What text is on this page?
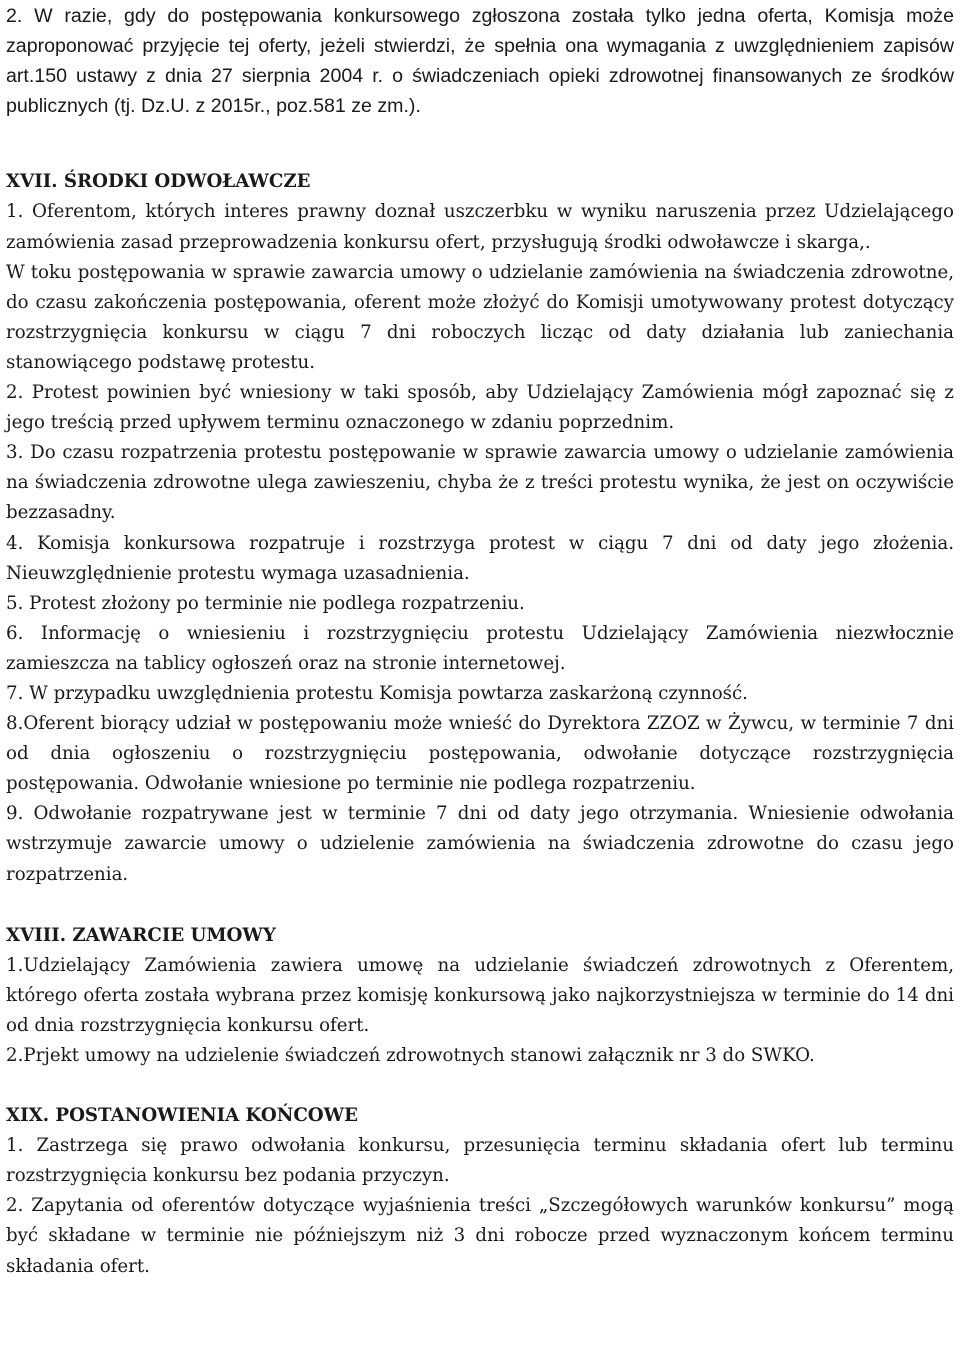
2. W razie, gdy do postępowania konkursowego zgłoszona została tylko jedna oferta, Komisja może zaproponować przyjęcie tej oferty, jeżeli stwierdzi, że spełnia ona wymagania z uwzględnieniem zapisów art.150 ustawy z dnia 27 sierpnia 2004 r. o świadczeniach opieki zdrowotnej finansowanych ze środków publicznych (tj. Dz.U. z 2015r., poz.581 ze zm.).

XVII. ŚRODKI ODWOŁAWCZE

1. Oferentom, których interes prawny doznał uszczerbku w wyniku naruszenia przez Udzielającego zamówienia zasad przeprowadzenia konkursu ofert, przysługują środki odwoławcze i skarga,.

W toku postępowania w sprawie zawarcia umowy o udzielanie zamówienia na świadczenia zdrowotne, do czasu zakończenia postępowania, oferent może złożyć do Komisji umotywowany protest dotyczący rozstrzygnięcia konkursu w ciągu 7 dni roboczych licząc od daty działania lub zaniechania stanowiącego podstawę protestu.

2. Protest powinien być wniesiony w taki sposób, aby Udzielający Zamówienia mógł zapoznać się z jego treścią przed upływem terminu oznaczonego w zdaniu poprzednim.

3. Do czasu rozpatrzenia protestu postępowanie w sprawie zawarcia umowy o udzielanie zamówienia na świadczenia zdrowotne ulega zawieszeniu, chyba że z treści protestu wynika, że jest on oczywiście bezzasadny.

4. Komisja konkursowa rozpatruje i rozstrzyga protest w ciągu 7 dni od daty jego złożenia. Nieuwzględnienie protestu wymaga uzasadnienia.

5. Protest złożony po terminie nie podlega rozpatrzeniu.

6. Informację o wniesieniu i rozstrzygnięciu protestu Udzielający Zamówienia niezwłocznie zamieszcza na tablicy ogłoszeń oraz na stronie internetowej.

7. W przypadku uwzględnienia protestu Komisja powtarza zaskarżoną czynność.

8.Oferent biorący udział w postępowaniu może wnieść do Dyrektora ZZOZ w Żywcu, w terminie 7 dni od dnia ogłoszeniu o rozstrzygnięciu postępowania, odwołanie dotyczące rozstrzygnięcia postępowania. Odwołanie wniesione po terminie nie podlega rozpatrzeniu.

9. Odwołanie rozpatrywane jest w terminie 7 dni od daty jego otrzymania. Wniesienie odwołania wstrzymuje zawarcie umowy o udzielenie zamówienia na świadczenia zdrowotne do czasu jego rozpatrzenia.

XVIII. ZAWARCIE UMOWY

1.Udzielający Zamówienia zawiera umowę na udzielanie świadczeń zdrowotnych z Oferentem, którego oferta została wybrana przez komisję konkursową jako najkorzystniejsza w terminie do 14 dni od dnia rozstrzygnięcia konkursu ofert.

2.Prjekt umowy na udzielenie świadczeń zdrowotnych stanowi załącznik nr 3 do SWKO.

XIX. POSTANOWIENIA KOŃCOWE

1. Zastrzega się prawo odwołania konkursu, przesunięcia terminu składania ofert lub terminu rozstrzygnięcia konkursu bez podania przyczyn.

2. Zapytania od oferentów dotyczące wyjaśnienia treści „Szczegółowych warunków konkursu” mogą być składane w terminie nie późniejszym niż 3 dni robocze przed wyznaczonym końcem terminu składania ofert.
